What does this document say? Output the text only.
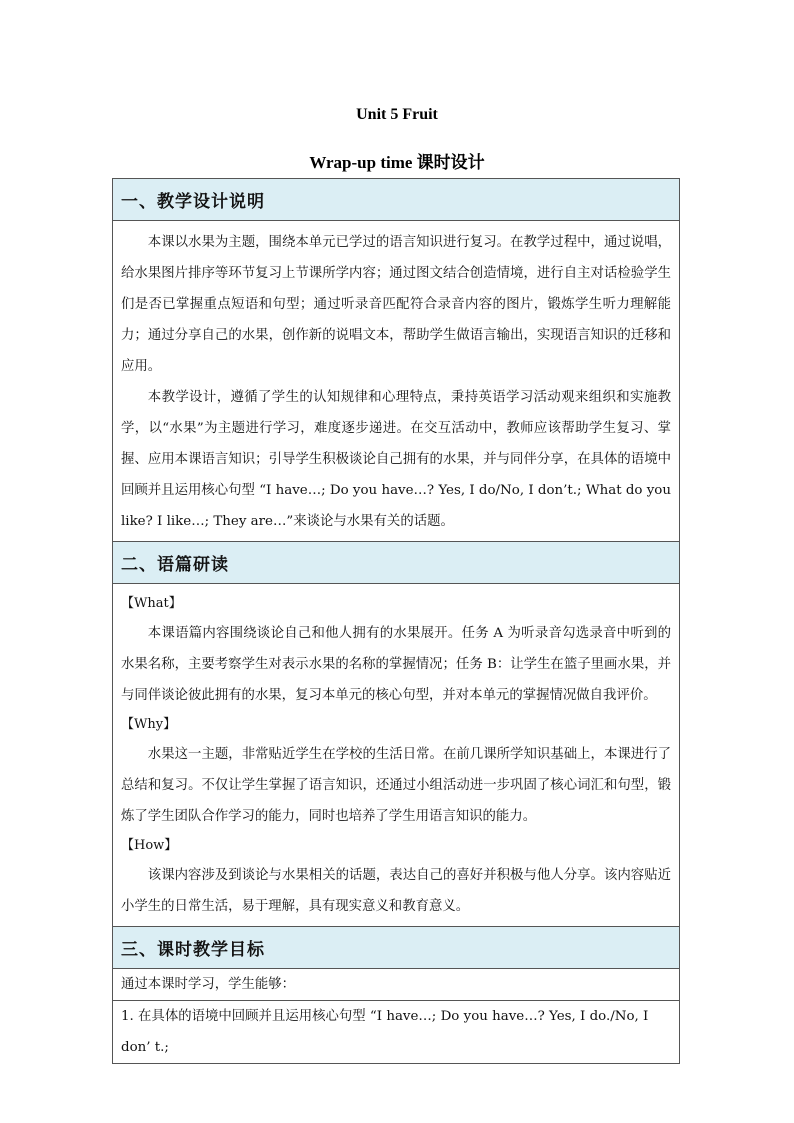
Unit 5 Fruit
Wrap-up time 课时设计
一、教学设计说明

本课以水果为主题，围绕本单元已学过的语言知识进行复习。在教学过程中，通过说唱，给水果图片排序等环节复习上节课所学内容；通过图文结合创造情境，进行自主对话检验学生们是否已掌握重点短语和句型；通过听录音匹配符合录音内容的图片，锻炼学生听力理解能力；通过分享自己的水果，创作新的说唱文本，帮助学生做语言输出，实现语言知识的迁移和应用。

本教学设计，遵循了学生的认知规律和心理特点，秉持英语学习活动观来组织和实施教学，以“水果”为主题进行学习，难度逐步递进。在交互活动中，教师应该帮助学生复习、掌握、应用本课语言知识；引导学生积极谈论自己拥有的水果，并与同伴分享，在具体的语境中回顾并且运用核心句型 “I have…; Do you have…? Yes, I do/No, I don’t.; What do you like? I like…; They are…”来谈论与水果有关的话题。

二、语篇研读

【What】

本课语篇内容围绕谈论自己和他人拥有的水果展开。任务 A 为听录音勾选录音中听到的水果名称，主要考察学生对表示水果的名称的掌握情况；任务 B：让学生在篮子里画水果，并与同伴谈论彼此拥有的水果，复习本单元的核心句型，并对本单元的掌握情况做自我评价。

【Why】

水果这一主题，非常贴近学生在学校的生活日常。在前几课所学知识基础上，本课进行了总结和复习。不仅让学生掌握了语言知识，还通过小组活动进一步巩固了核心词汇和句型，锻炼了学生团队合作学习的能力，同时也培养了学生用语言知识的能力。

【How】

该课内容涉及到谈论与水果相关的话题，表达自己的喜好并积极与他人分享。该内容贴近小学生的日常生活，易于理解，具有现实意义和教育意义。

三、课时教学目标

通过本课时学习，学生能够：

1. 在具体的语境中回顾并且运用核心句型 “I have…; Do you have…? Yes, I do./No, I don’ t.;
